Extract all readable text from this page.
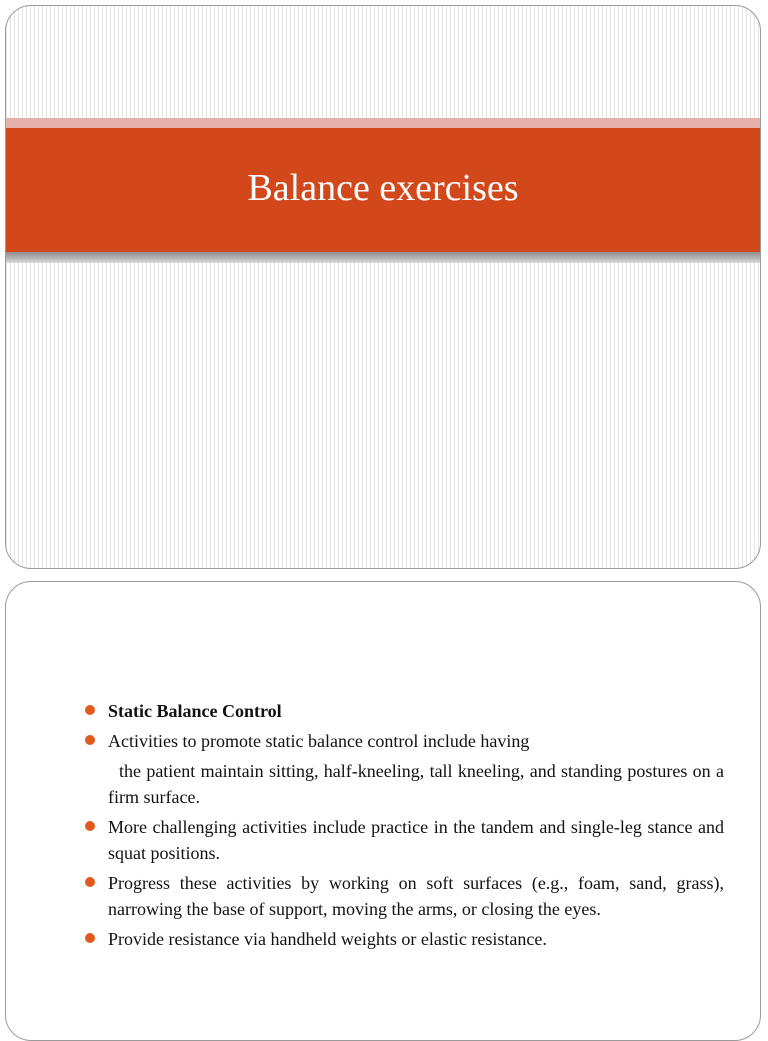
Balance exercises
Static Balance Control
Activities to promote static balance control include having
the patient maintain sitting, half-kneeling, tall kneeling, and standing postures on a firm surface.
More challenging activities include practice in the tandem and single-leg stance and squat positions.
Progress these activities by working on soft surfaces (e.g., foam, sand, grass), narrowing the base of support, moving the arms, or closing the eyes.
Provide resistance via handheld weights or elastic resistance.
